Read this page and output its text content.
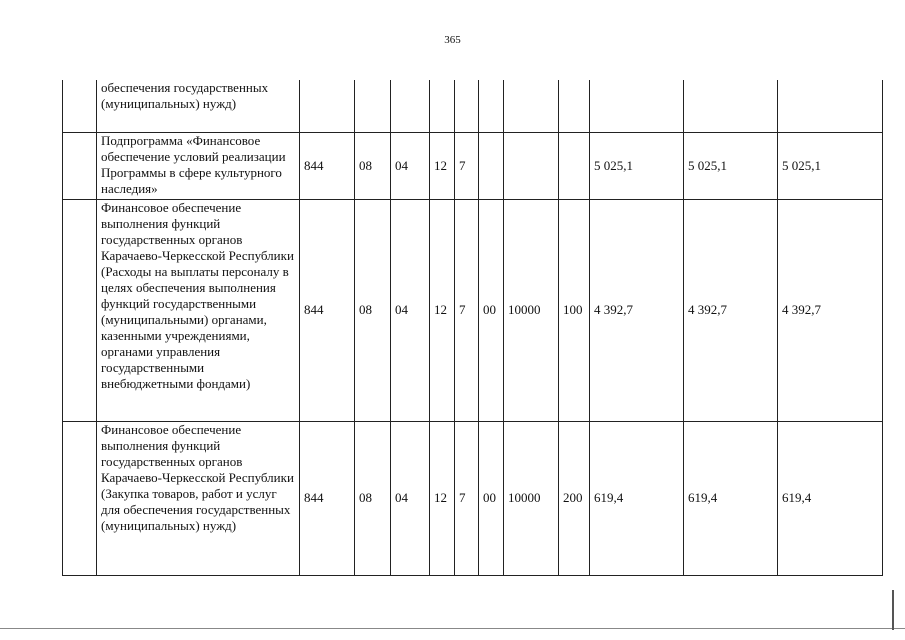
365
	обеспечения государственных (муниципальных) нужд)											
	Подпрограмма «Финансовое обеспечение условий реализации Программы в сфере культурного наследия»	844	08	04	12	7				5 025,1	5 025,1	5 025,1
	Финансовое обеспечение выполнения функций государственных органов Карачаево-Черкесской Республики (Расходы на выплаты персоналу в целях обеспечения выполнения функций государственными (муниципальными) органами, казенными учреждениями, органами управления государственными внебюджетными фондами)	844	08	04	12	7	00	10000	100	4 392,7	4 392,7	4 392,7
	Финансовое обеспечение выполнения функций государственных органов Карачаево-Черкесской Республики (Закупка товаров, работ и услуг для обеспечения государственных (муниципальных) нужд)	844	08	04	12	7	00	10000	200	619,4	619,4	619,4
